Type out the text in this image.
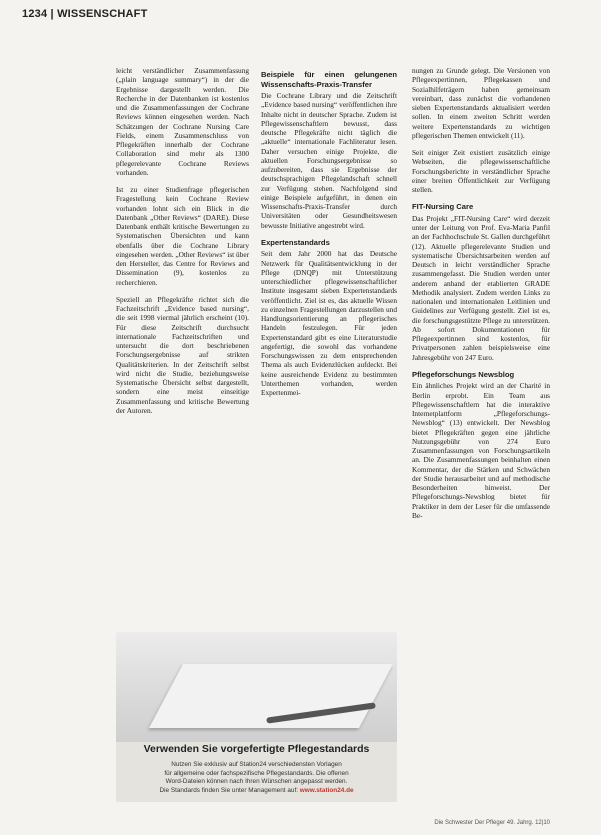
1234 | WISSENSCHAFT

leicht verständlicher Zusammenfassung („plain language summary“) in der die Ergebnisse dargestellt werden. Die Recherche in der Datenbanken ist kostenlos und die Zusammenfassungen der Cochrane Reviews können eingesehen werden. Nach Schätzungen der Cochrane Nursing Care Fields, einem Zusammenschluss von Pflegekräften innerhalb der Cochrane Collaboration sind mehr als 1300 pflegerelevante Cochrane Reviews vorhanden.

Ist zu einer Studienfrage pflegerischen Fragestellung kein Cochrane Review vorhanden lohnt sich ein Blick in die Datenbank „Other Reviews“ (DARE). Diese Datenbank enthält kritische Bewertungen zu Systematischen Übersichten und kann ebenfalls über die Cochrane Library eingesehen werden. „Other Reviews“ ist über den Hersteller, das Centre for Reviews and Dissemination (9), kostenlos zu recherchieren.

Speziell an Pflegekräfte richtet sich die Fachzeitschrift „Evidence based nursing“, die seit 1998 viermal jährlich erscheint (10). Für diese Zeitschrift durchsucht internationale Fachzeitschriften und untersucht die dort beschriebenen Forschungsergebnisse auf strikten Qualitätskriterien. In der Zeitschrift selbst wird nicht die Studie, beziehungsweise Systematische Übersicht selbst dargestellt, sondern eine meist einseitige Zusammenfassung und kritische Bewertung der Autoren.

Beispiele für einen gelungenen Wissenschafts-Praxis-Transfer

Die Cochrane Library und die Zeitschrift „Evidence based nursing“ veröffentlichen ihre Inhalte nicht in deutscher Sprache. Zudem ist Pflegewissenschaftlern bewusst, dass deutsche Pflegekräfte nicht täglich die „aktuelle“ internationale Fachliteratur lesen. Daher versuchen einige Projekte, die aktuellen Forschungsergebnisse so aufzubereiten, dass sie Ergebnisse der deutschsprachigen Pflegelandschaft schnell zur Verfügung stehen. Nachfolgend sind einige Beispiele aufgeführt, in denen ein Wissenschafts-Praxis-Transfer durch Universitäten oder Gesundheitswesen bewusste Initiative angestrebt wird.

Expertenstandards

Seit dem Jahr 2000 hat das Deutsche Netzwerk für Qualitätsentwicklung in der Pflege (DNQP) mit Unterstützung unterschiedlicher pflegewissenschaftlicher Institute insgesamt sieben Expertenstandards veröffentlicht. Ziel ist es, das aktuelle Wissen zu einzelnen Fragestellungen darzustellen und Handlungsorientierung an pflegerisches Handeln festzulegen. Für jeden Expertenstandard gibt es eine Literaturstudie angefertigt, die sowohl das vorhandene Forschungswissen zu dem entsprechenden Thema als auch Evidenzlücken aufdeckt. Bei keine ausreichende Evidenz zu bestimmten Unterthemen vorhanden, werden Expertenmei-

nungen zu Grunde gelegt. Die Versionen von Pflegeexpertinnen, Pflegekassen und Sozialhilfeträgern haben gemeinsam vereinbart, dass zunächst die vorhandenen sieben Expertenstandards aktualisiert werden sollen. In einem zweiten Schritt werden weitere Expertenstandards zu wichtigen pflegerischen Themen entwickelt (11).

Seit einiger Zeit existiert zusätzlich einige Webseiten, die pflegewissenschaftliche Forschungsberichte in verständlicher Sprache einer breiten Öffentlichkeit zur Verfügung stellen.

FIT-Nursing Care

Das Projekt „FIT-Nursing Care“ wird derzeit unter der Leitung von Prof. Eva-Maria Panfil an der Fachhochschule St. Gallen durchgeführt (12). Aktuelle pflegerelevante Studien und systematische Übersichtsarbeiten werden auf Deutsch in leicht verständlicher Sprache zusammengefasst. Die Studien werden unter anderem anhand der etablierten GRADE Methodik analysiert. Zudem werden Links zu nationalen und internationalen Leitlinien und Guidelines zur Verfügung gestellt. Ziel ist es, die forschungsgestützte Pflege zu unterstützen. Ab sofort Dokumentationen für Pflegeexpertinnen sind kostenlos, für Privatpersonen zahlen beispielsweise eine Jahresgebühr von 247 Euro.

Pflegeforschungs Newsblog

Ein ähnliches Projekt wird an der Charité in Berlin erprobt. Ein Team aus Pflegewissenschaftlern hat die interaktive Internetplattform „Pflegeforschungs-Newsblog“ (13) entwickelt. Der Newsblog bietet Pflegekräften gegen eine jährliche Nutzungsgebühr von 274 Euro Zusammenfassungen von Forschungsartikeln an. Die Zusammenfassungen beinhalten einen Kommentar, der die Stärken und Schwächen der Studie herausarbeitet und auf methodische Besonderheiten hinweist. Der Pflegeforschungs-Newsblog bietet für Praktiker in dem der Leser für die umfassende Be-

Verwenden Sie vorgefertigte Pflegestandards
Nutzen Sie exklusiv auf Station24 verschiedensten Vorlagen
für allgemeine oder fachspezifische Pflegestandards. Die offenen
Word-Dateien können nach Ihren Wünschen angepasst werden.
Die Standards finden Sie unter Management auf: www.station24.de
Die Schwester Der Pfleger 49. Jahrg. 12|10
